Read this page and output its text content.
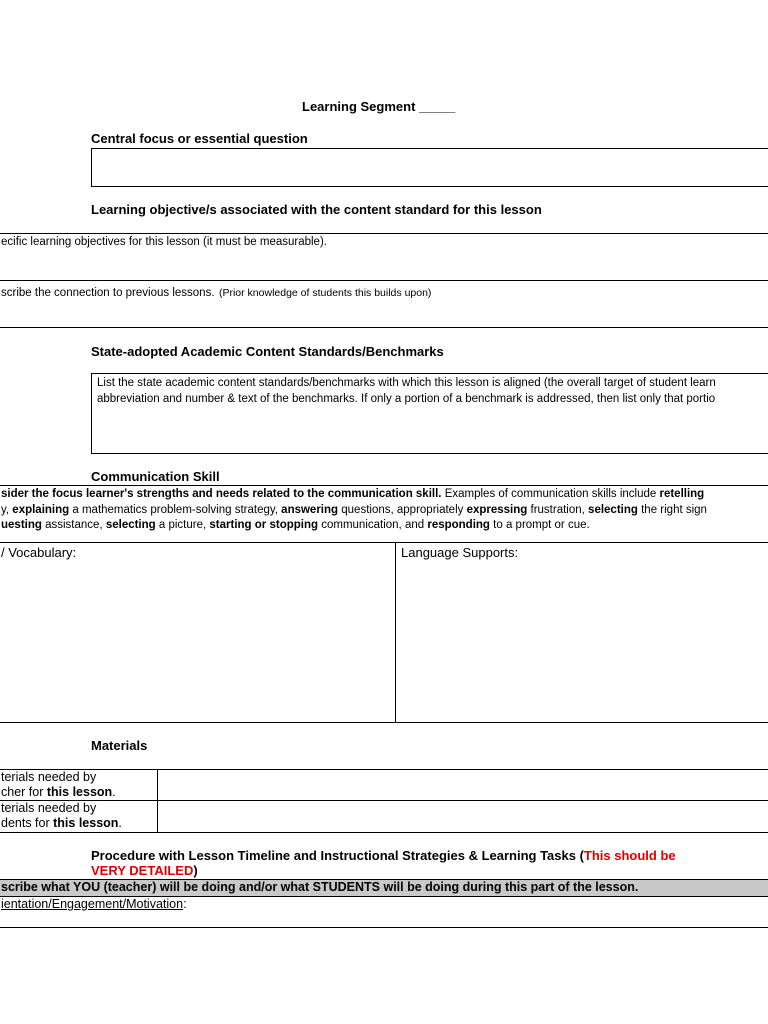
Learning Segment _____
Central focus or essential question
Learning objective/s associated with the content standard for this lesson
ecific learning objectives for this lesson (it must be measurable).
scribe the connection to previous lessons. (Prior knowledge of students this builds upon)
State-adopted Academic Content Standards/Benchmarks
List the state academic content standards/benchmarks with which this lesson is aligned (the overall target of student learn
abbreviation and number & text of the benchmarks. If only a portion of a benchmark is addressed, then list only that portio
Communication Skill
sider the focus learner's strengths and needs related to the communication skill. Examples of communication skills include retelling
y, explaining a mathematics problem-solving strategy, answering questions, appropriately expressing frustration, selecting the right sign
uesting assistance, selecting a picture, starting or stopping communication, and responding to a prompt or cue.
/ Vocabulary:	Language Supports:
Materials
terials needed by
cher for this lesson.
terials needed by
dents for this lesson.
Procedure with Lesson Timeline and Instructional Strategies & Learning Tasks (This should be
VERY DETAILED)
scribe what YOU (teacher) will be doing and/or what STUDENTS will be doing during this part of the lesson.
ientation/Engagement/Motivation:
